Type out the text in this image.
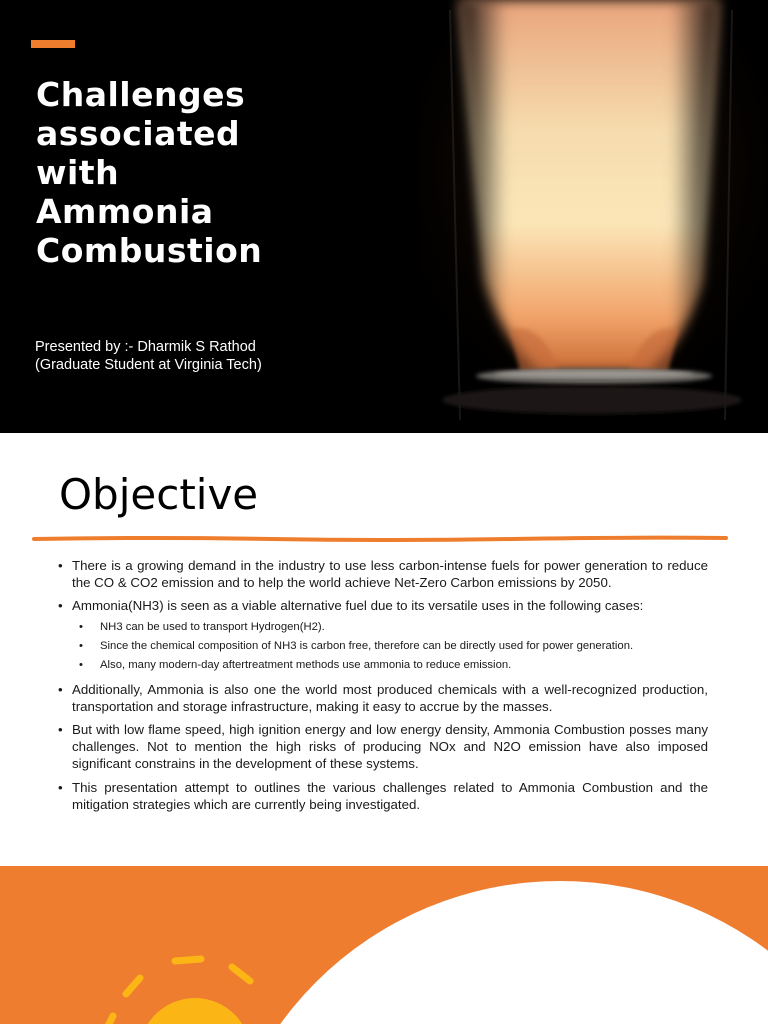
Challenges
associated
with
Ammonia
Combustion
Presented by :- Dharmik S Rathod
(Graduate Student at Virginia Tech)
Objective
• There is a growing demand in the industry to use less carbon-intense fuels for power generation to reduce the CO & CO2 emission and to help the world achieve Net-Zero Carbon emissions by 2050.
• Ammonia(NH3) is seen as a viable alternative fuel due to its versatile uses in the following cases:
• NH3 can be used to transport Hydrogen(H2).
• Since the chemical composition of NH3 is carbon free, therefore can be directly used for power generation.
• Also, many modern-day aftertreatment methods use ammonia to reduce emission.
• Additionally, Ammonia is also one the world most produced chemicals with a well-recognized production, transportation and storage infrastructure, making it easy to accrue by the masses.
• But with low flame speed, high ignition energy and low energy density, Ammonia Combustion posses many challenges. Not to mention the high risks of producing NOx and N2O emission have also imposed significant constrains in the development of these systems.
• This presentation attempt to outlines the various challenges related to Ammonia Combustion and the mitigation strategies which are currently being investigated.
